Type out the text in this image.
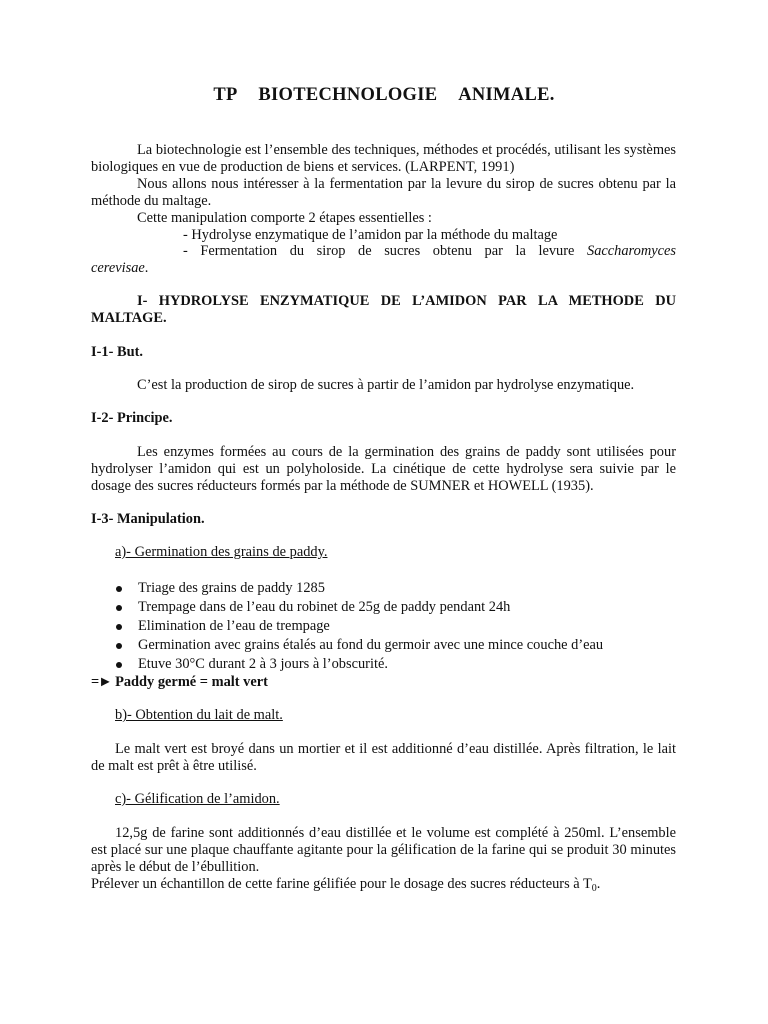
TP  BIOTECHNOLOGIE  ANIMALE.
La biotechnologie est l’ensemble des techniques, méthodes et procédés, utilisant les systèmes biologiques en vue de production de biens et services. (LARPENT, 1991)
Nous allons nous intéresser à la fermentation par la levure du sirop de sucres obtenu par la méthode du maltage.
Cette manipulation comporte 2 étapes essentielles :
- Hydrolyse enzymatique de l’amidon par la méthode du maltage
- Fermentation du sirop de sucres obtenu par la levure Saccharomyces
cerevisae.
I- HYDROLYSE ENZYMATIQUE DE L’AMIDON PAR LA METHODE DU
MALTAGE.
I-1- But.
C’est la production de sirop de sucres à partir de l’amidon par hydrolyse enzymatique.
I-2- Principe.
Les enzymes formées au cours de la germination des grains de paddy sont utilisées pour hydrolyser l’amidon qui est un polyholoside. La cinétique de cette hydrolyse sera suivie par le dosage des sucres réducteurs formés par la méthode de SUMNER et HOWELL (1935).
I-3- Manipulation.
a)- Germination des grains de paddy.
Triage des grains de paddy 1285
Trempage dans de l’eau du robinet de 25g de paddy pendant 24h
Elimination de l’eau de trempage
Germination avec grains étalés au fond du germoir avec une mince couche d’eau
Etuve 30°C durant 2 à 3 jours à l’obscurité.
=► Paddy germé = malt vert
b)- Obtention du lait de malt.
Le malt vert est broyé dans un mortier et il est additionné d’eau distillée. Après filtration, le lait de malt est prêt à être utilisé.
c)- Gélification de l’amidon.
12,5g de farine sont additionnés d’eau distillée et le volume est complété à 250ml. L’ensemble est placé sur une plaque chauffante agitante pour la gélification de la farine qui se produit 30 minutes après le début de l’ébullition.
Prélever un échantillon de cette farine gélifiée pour le dosage des sucres réducteurs à $T_0$.
